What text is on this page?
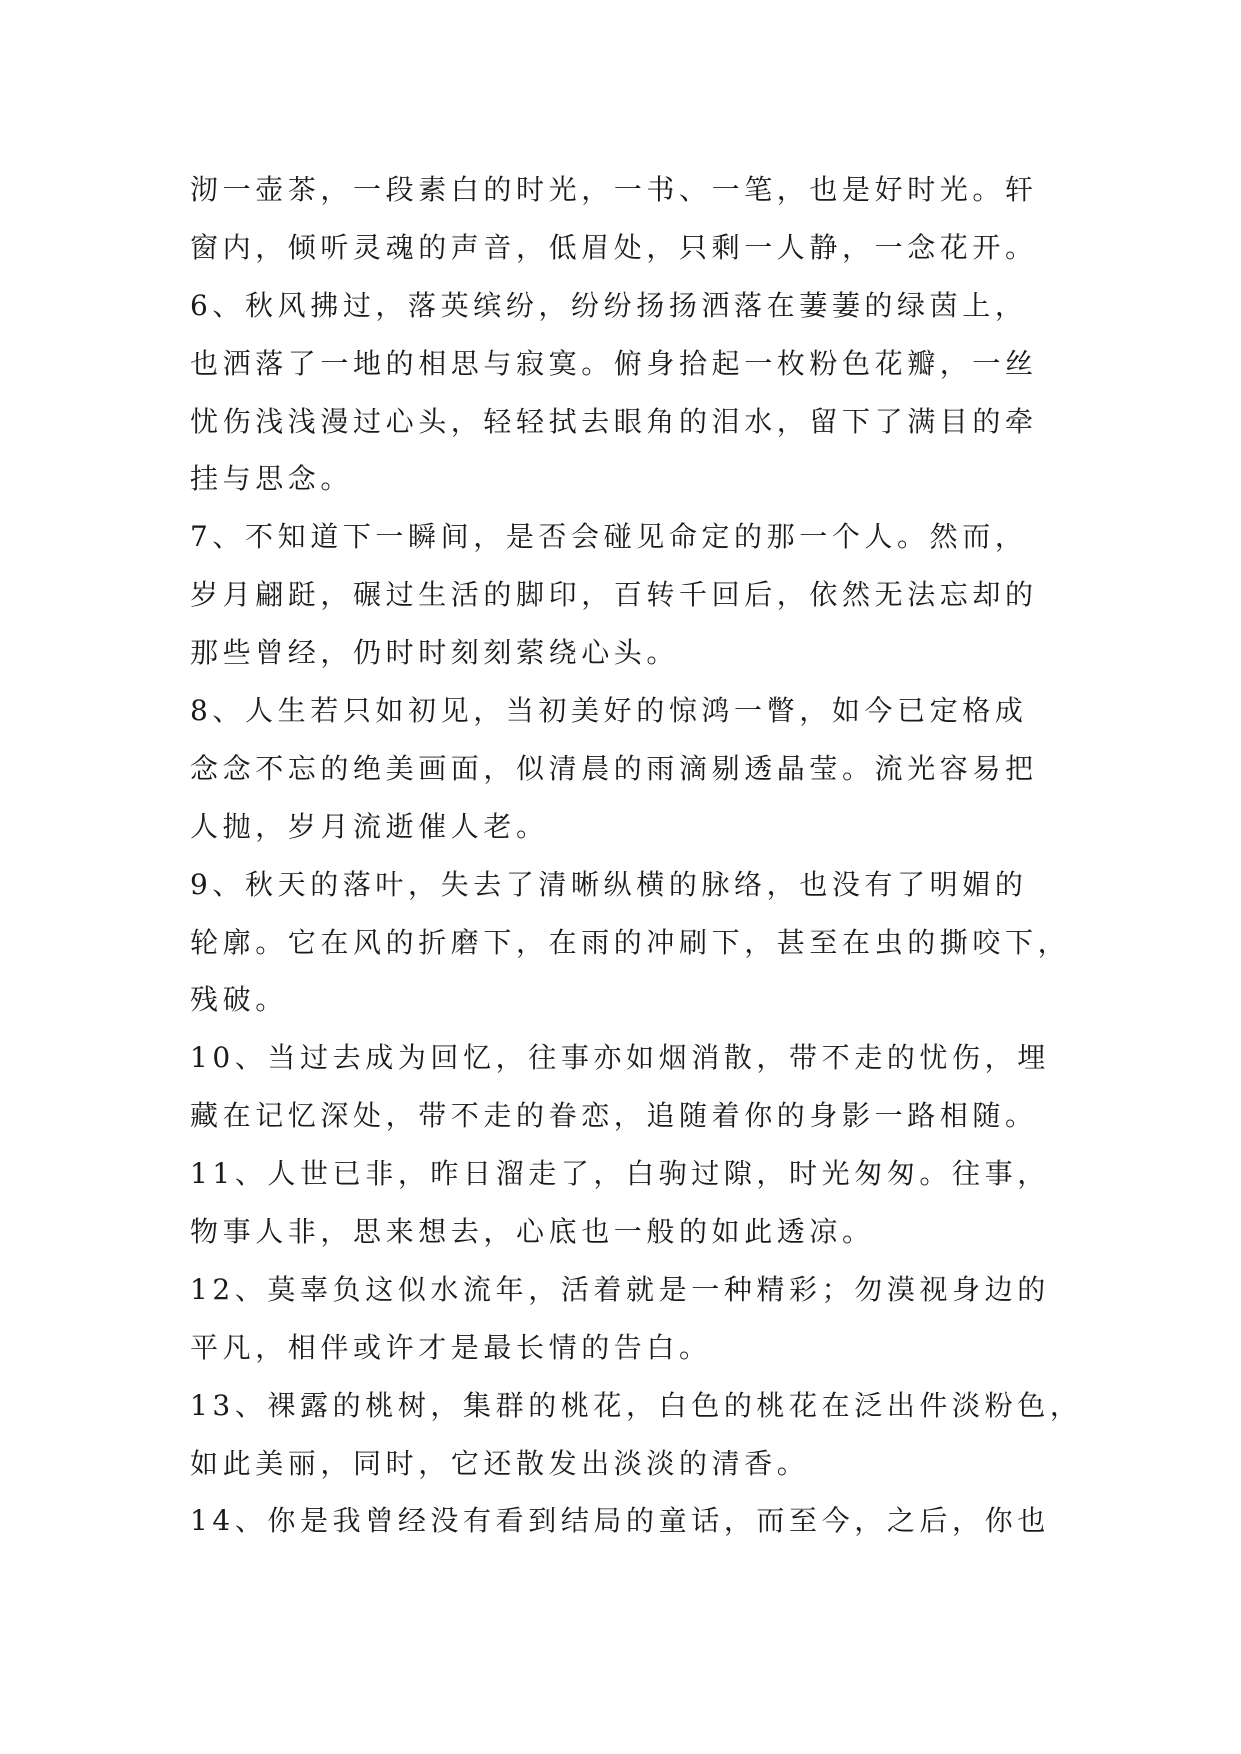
沏一壶茶，一段素白的时光，一书、一笔，也是好时光。轩
窗内，倾听灵魂的声音，低眉处，只剩一人静，一念花开。
6、秋风拂过，落英缤纷，纷纷扬扬洒落在萋萋的绿茵上，
也洒落了一地的相思与寂寞。俯身拾起一枚粉色花瓣，一丝
忧伤浅浅漫过心头，轻轻拭去眼角的泪水，留下了满目的牵
挂与思念。
7、不知道下一瞬间，是否会碰见命定的那一个人。然而，
岁月翩跹，碾过生活的脚印，百转千回后，依然无法忘却的
那些曾经，仍时时刻刻萦绕心头。
8、人生若只如初见，当初美好的惊鸿一瞥，如今已定格成
念念不忘的绝美画面，似清晨的雨滴剔透晶莹。流光容易把
人抛，岁月流逝催人老。
9、秋天的落叶，失去了清晰纵横的脉络，也没有了明媚的
轮廓。它在风的折磨下，在雨的冲刷下，甚至在虫的撕咬下，
残破。
10、当过去成为回忆，往事亦如烟消散，带不走的忧伤，埋
藏在记忆深处，带不走的眷恋，追随着你的身影一路相随。
11、人世已非，昨日溜走了，白驹过隙，时光匆匆。往事，
物事人非，思来想去，心底也一般的如此透凉。
12、莫辜负这似水流年，活着就是一种精彩；勿漠视身边的
平凡，相伴或许才是最长情的告白。
13、裸露的桃树，集群的桃花，白色的桃花在泛出件淡粉色，
如此美丽，同时，它还散发出淡淡的清香。
14、你是我曾经没有看到结局的童话，而至今，之后，你也
